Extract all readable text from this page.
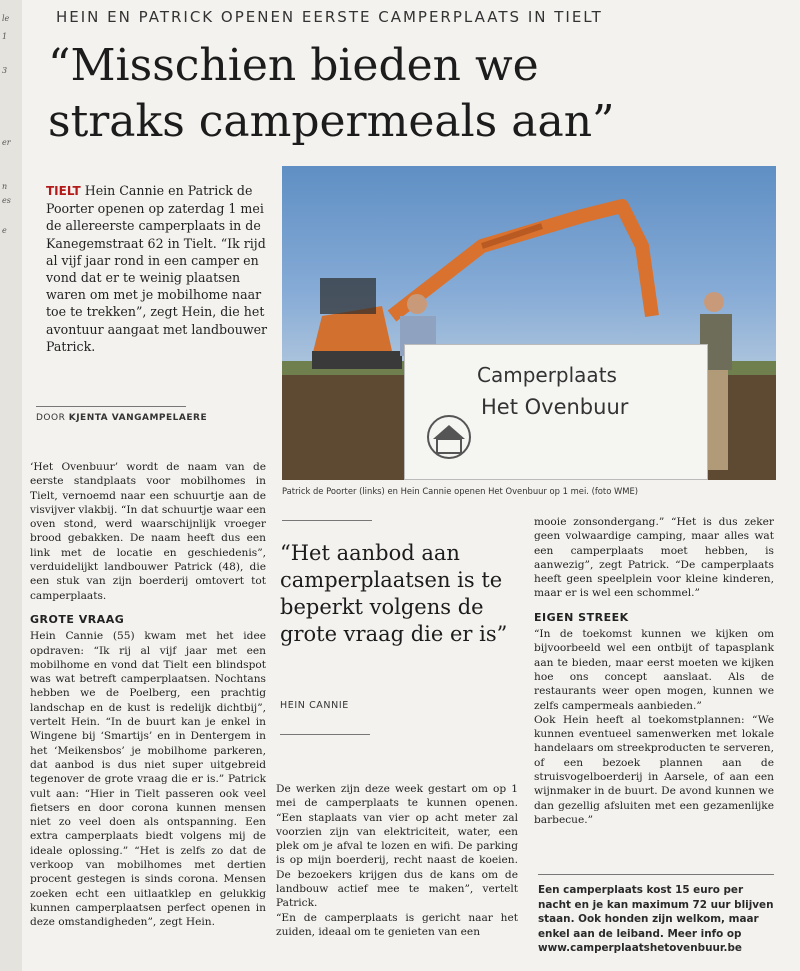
le
1
3
er
n
es
e
HEIN EN PATRICK OPENEN EERSTE CAMPERPLAATS IN TIELT
“Misschien bieden we
straks campermeals aan”
TIELT Hein Cannie en Patrick de Poorter openen op zaterdag 1 mei de allereerste camperplaats in de Kanegemstraat 62 in Tielt. “Ik rijd al vijf jaar rond in een camper en vond dat er te weinig plaatsen waren om met je mobilhome naar toe te trekken”, zegt Hein, die het avontuur aangaat met landbouwer Patrick.
DOOR KJENTA VANGAMPELAERE

‘Het Ovenbuur’ wordt de naam van de eerste standplaats voor mobilhomes in Tielt, vernoemd naar een schuurtje aan de visvijver vlakbij. “In dat schuurtje waar een oven stond, werd waarschijnlijk vroeger brood gebakken. De naam heeft dus een link met de locatie en geschiedenis”, verduidelijkt landbouwer Patrick (48), die een stuk van zijn boerderij omtovert tot camperplaats.

GROTE VRAAG

Hein Cannie (55) kwam met het idee opdraven: “Ik rij al vijf jaar met een mobilhome en vond dat Tielt een blindspot was wat betreft camperplaatsen. Nochtans hebben we de Poelberg, een prachtig landschap en de kust is redelijk dichtbij”, vertelt Hein. “In de buurt kan je enkel in Wingene bij ‘Smartijs’ en in Dentergem in het ‘Meikensbos’ je mobilhome parkeren, dat aanbod is dus niet super uitgebreid tegenover de grote vraag die er is.” Patrick vult aan: “Hier in Tielt passeren ook veel fietsers en door corona kunnen mensen niet zo veel doen als ontspanning. Een extra camperplaats biedt volgens mij de ideale oplossing.” “Het is zelfs zo dat de verkoop van mobilhomes met dertien procent gestegen is sinds corona. Mensen zoeken echt een uitlaatklep en gelukkig kunnen camperplaatsen perfect openen in deze omstandigheden”, zegt Hein.

Camperplaats
Het Ovenbuur
Patrick de Poorter (links) en Hein Cannie openen Het Ovenbuur op 1 mei. (foto WME)
“Het aanbod aan camperplaatsen is te beperkt volgens de grote vraag die er is”
HEIN CANNIE

De werken zijn deze week gestart om op 1 mei de camperplaats te kunnen openen. “Een staplaats van vier op acht meter zal voorzien zijn van elektriciteit, water, een plek om je afval te lozen en wifi. De parking is op mijn boerderij, recht naast de koeien. De bezoekers krijgen dus de kans om de landbouw actief mee te maken”, vertelt Patrick.

“En de camperplaats is gericht naar het zuiden, ideaal om te genieten van een

mooie zonsondergang.” “Het is dus zeker geen volwaardige camping, maar alles wat een camperplaats moet hebben, is aanwezig”, zegt Patrick. “De camperplaats heeft geen speelplein voor kleine kinderen, maar er is wel een schommel.”

EIGEN STREEK

“In de toekomst kunnen we kijken om bijvoorbeeld wel een ontbijt of tapasplank aan te bieden, maar eerst moeten we kijken hoe ons concept aanslaat. Als de restaurants weer open mogen, kunnen we zelfs campermeals aanbieden.”

Ook Hein heeft al toekomstplannen: “We kunnen eventueel samenwerken met lokale handelaars om streekproducten te serveren, of een bezoek plannen aan de struisvogelboerderij in Aarsele, of aan een wijnmaker in de buurt. De avond kunnen we dan gezellig afsluiten met een gezamenlijke barbecue.”

Een camperplaats kost 15 euro per nacht en je kan maximum 72 uur blijven staan. Ook honden zijn welkom, maar enkel aan de leiband. Meer info op www.camperplaatshetovenbuur.be
